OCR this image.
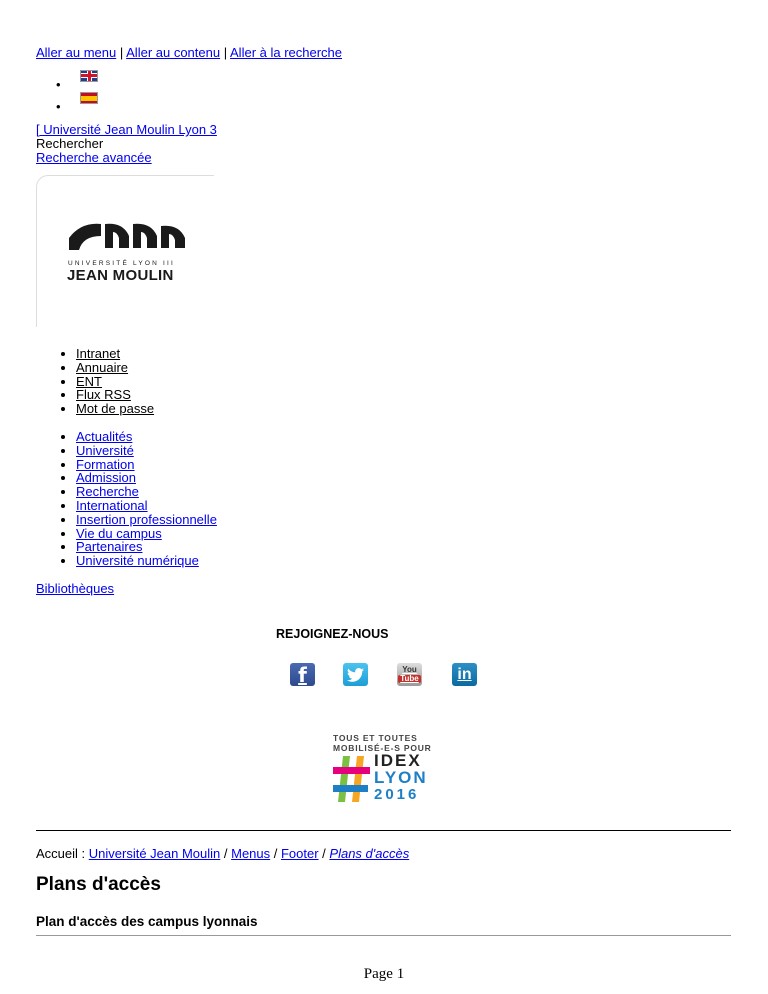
Aller au menu | Aller au contenu | Aller à la recherche
•
•
[ Université Jean Moulin Lyon 3
Rechercher
Recherche avancée
UNIVERSITÉ LYON III
JEAN MOULIN
• Intranet
• Annuaire
• ENT
• Flux RSS
• Mot de passe
• Actualités
• Université
• Formation
• Admission
• Recherche
• International
• Insertion professionnelle
• Vie du campus
• Partenaires
• Université numérique
Bibliothèques
REJOIGNEZ-NOUS
f	You
Tube in
TOUS ET TOUTES
MOBILISÉ-E-S POUR
IDEX
LYON
2016
Accueil : Université Jean Moulin / Menus / Footer / Plans d'accès
Plans d'accès
Plan d'accès des campus lyonnais
Page 1
